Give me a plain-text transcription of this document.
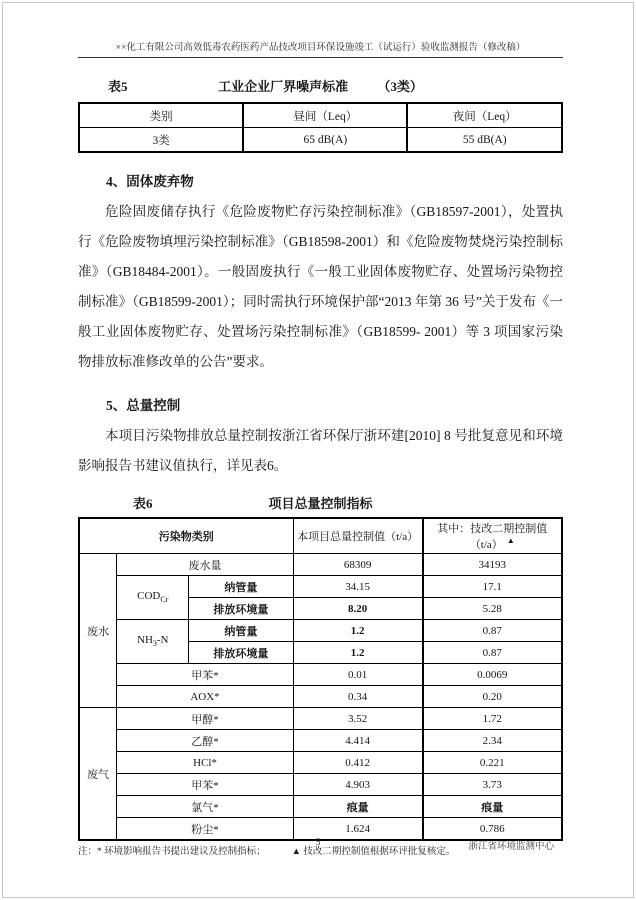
××化工有限公司高效低毒农药医药产品技改项目环保设施竣工（试运行）验收监测报告（修改稿）
表5	工业企业厂界噪声标准 （3类）
类别	昼间（Leq）	夜间（Leq）
3类	65 dB(A)	55 dB(A)
4、固体废弃物

危险固废储存执行《危险废物贮存污染控制标准》（GB18597-2001），处置执行《危险废物填埋污染控制标准》（GB18598-2001）和《危险废物焚烧污染控制标准》（GB18484-2001）。一般固废执行《一般工业固体废物贮存、处置场污染物控制标准》（GB18599-2001）；同时需执行环境保护部“2013 年第 36 号”关于发布《一般工业固体废物贮存、处置场污染控制标准》（GB18599- 2001）等 3 项国家污染物排放标准修改单的公告”要求。

5、总量控制

本项目污染物排放总量控制按浙江省环保厅浙环建[2010] 8 号批复意见和环境影响报告书建议值执行，详见表6。

表6	项目总量控制指标
污染物类别			本项目总量控制值（t/a）	其中：技改二期控制值（t/a） ▲
废水	废水量		68309	34193
	$COD_{Cr}$	纳管量	34.15	17.1
		排放环境量	8.20	5.28
	$NH_3-N$	纳管量	1.2	0.87
		排放环境量	1.2	0.87
	甲苯*		0.01	0.0069
	AOX*		0.34	0.20
废气	甲醇*		3.52	1.72
	乙醇*		4.414	2.34
	HCl*		0.412	0.221
	甲苯*		4.903	3.73
	氯气*		痕量	痕量
	粉尘*		1.624	0.786
注：* 环境影响报告书提出建议及控制指标；	▲ 技改二期控制值根据环评批复核定。
5	浙江省环境监测中心
